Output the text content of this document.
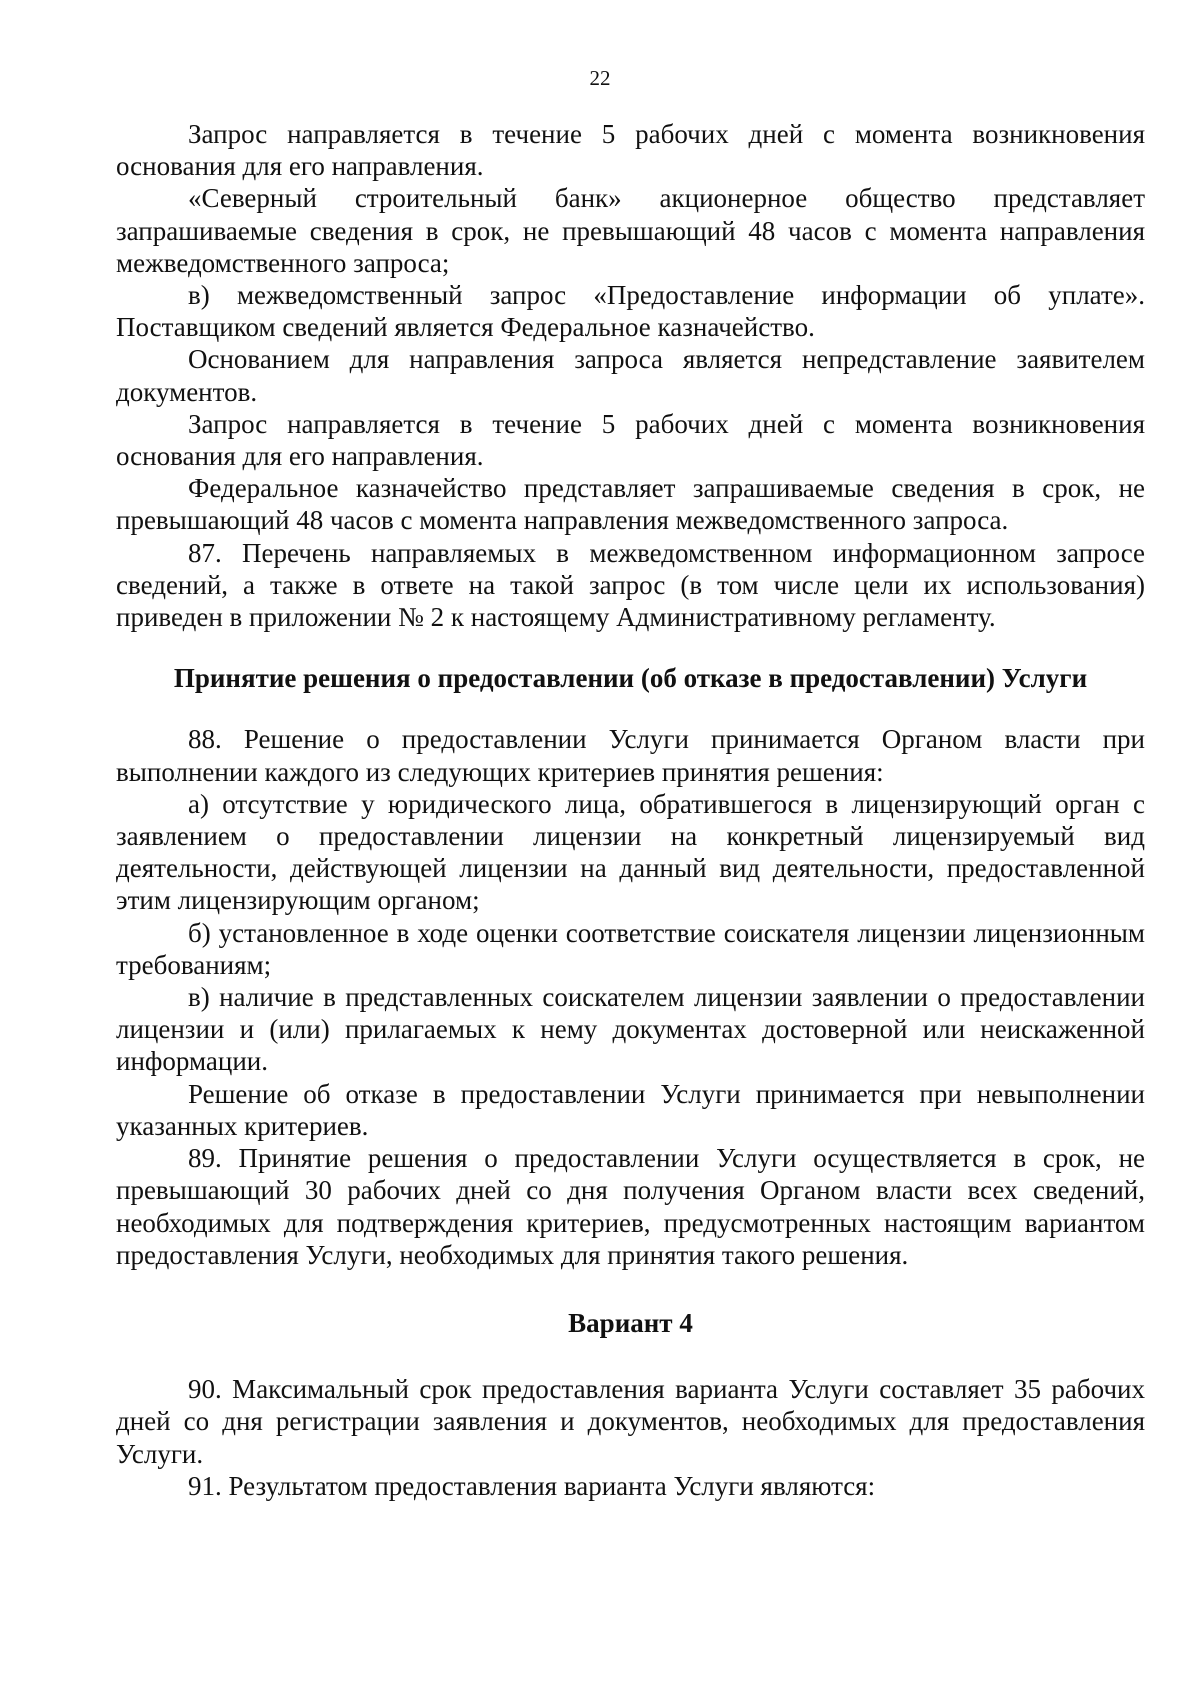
22

Запрос направляется в течение 5 рабочих дней с момента возникновения основания для его направления.

«Северный строительный банк» акционерное общество представляет запрашиваемые сведения в срок, не превышающий 48 часов с момента направления межведомственного запроса;

в) межведомственный запрос «Предоставление информации об уплате». Поставщиком сведений является Федеральное казначейство.

Основанием для направления запроса является непредставление заявителем документов.

Запрос направляется в течение 5 рабочих дней с момента возникновения основания для его направления.

Федеральное казначейство представляет запрашиваемые сведения в срок, не превышающий 48 часов с момента направления межведомственного запроса.

87. Перечень направляемых в межведомственном информационном запросе сведений, а также в ответе на такой запрос (в том числе цели их использования) приведен в приложении № 2 к настоящему Административному регламенту.

Принятие решения о предоставлении (об отказе в предоставлении) Услуги

88. Решение о предоставлении Услуги принимается Органом власти при выполнении каждого из следующих критериев принятия решения:

а) отсутствие у юридического лица, обратившегося в лицензирующий орган с заявлением о предоставлении лицензии на конкретный лицензируемый вид деятельности, действующей лицензии на данный вид деятельности, предоставленной этим лицензирующим органом;

б) установленное в ходе оценки соответствие соискателя лицензии лицензионным требованиям;

в) наличие в представленных соискателем лицензии заявлении о предоставлении лицензии и (или) прилагаемых к нему документах достоверной или неискаженной информации.

Решение об отказе в предоставлении Услуги принимается при невыполнении указанных критериев.

89. Принятие решения о предоставлении Услуги осуществляется в срок, не превышающий 30 рабочих дней со дня получения Органом власти всех сведений, необходимых для подтверждения критериев, предусмотренных настоящим вариантом предоставления Услуги, необходимых для принятия такого решения.

Вариант 4

90. Максимальный срок предоставления варианта Услуги составляет 35 рабочих дней со дня регистрации заявления и документов, необходимых для предоставления Услуги.

91. Результатом предоставления варианта Услуги являются:
